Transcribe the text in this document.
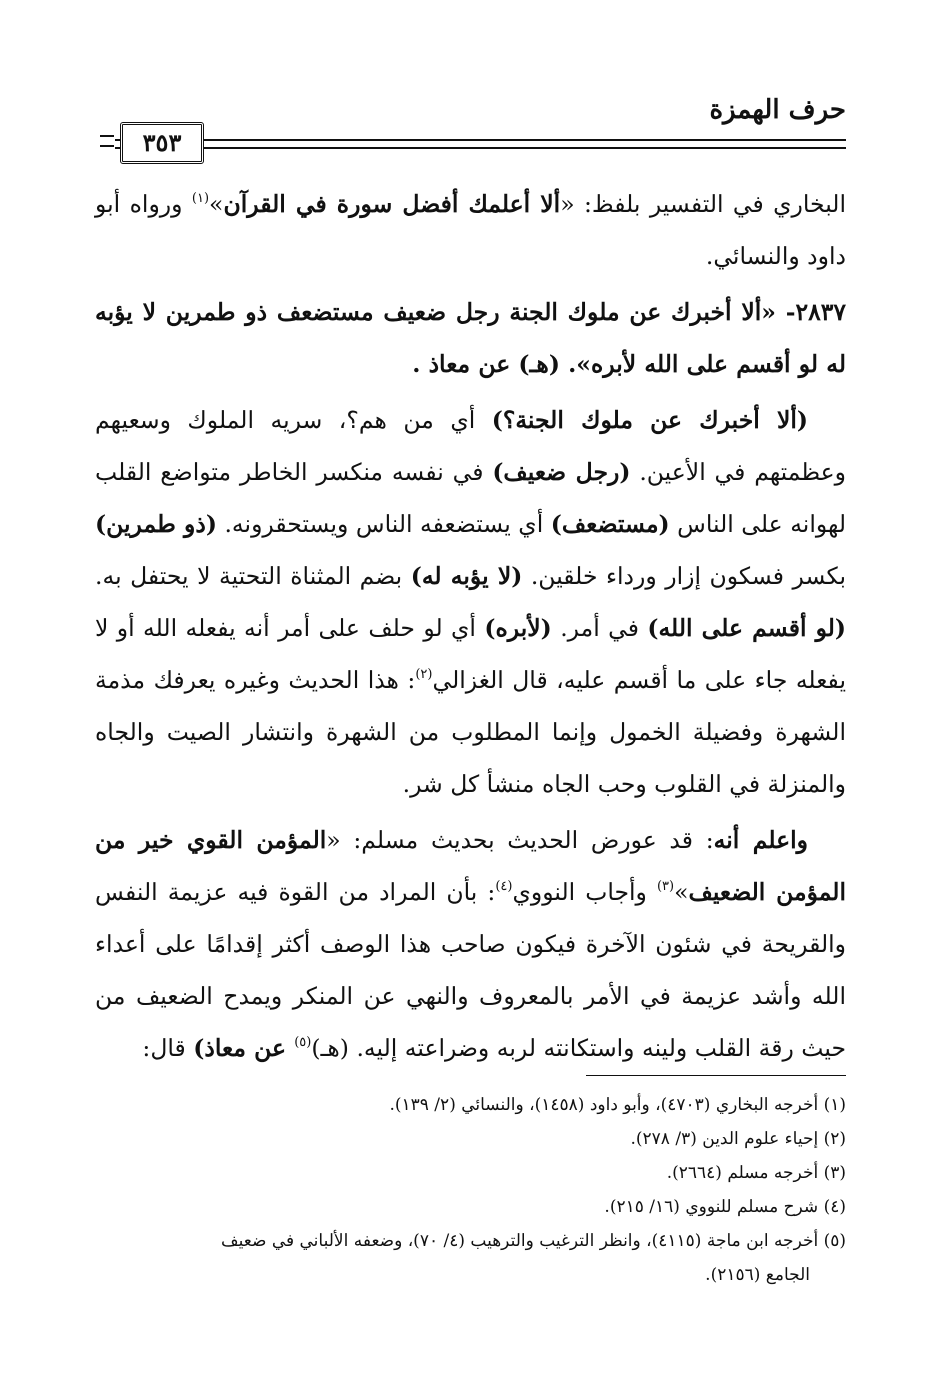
حرف الهمزة
٣٥٣

البخاري في التفسير بلفظ: «ألا أعلمك أفضل سورة في القرآن»$^{(١)}$ ورواه أبو داود والنسائي.

٢٨٣٧- «ألا أخبرك عن ملوك الجنة رجل ضعيف مستضعف ذو طمرين لا يؤبه له لو أقسم على الله لأبره». (هـ) عن معاذ .

(ألا أخبرك عن ملوك الجنة؟) أي من هم؟، سريه الملوك وسعيهم وعظمتهم في الأعين. (رجل ضعيف) في نفسه منكسر الخاطر متواضع القلب لهوانه على الناس (مستضعف) أي يستضعفه الناس ويستحقرونه. (ذو طمرين) بكسر فسكون إزار ورداء خلقين. (لا يؤبه له) بضم المثناة التحتية لا يحتفل به. (لو أقسم على الله) في أمر. (لأبره) أي لو حلف على أمر أنه يفعله الله أو لا يفعله جاء على ما أقسم عليه، قال الغزالي$^{(٢)}$: هذا الحديث وغيره يعرفك مذمة الشهرة وفضيلة الخمول وإنما المطلوب من الشهرة وانتشار الصيت والجاه والمنزلة في القلوب وحب الجاه منشأ كل شر.

واعلم أنه: قد عورض الحديث بحديث مسلم: «المؤمن القوي خير من المؤمن الضعيف»$^{(٣)}$ وأجاب النووي$^{(٤)}$: بأن المراد من القوة فيه عزيمة النفس والقريحة في شئون الآخرة فيكون صاحب هذا الوصف أكثر إقدامًا على أعداء الله وأشد عزيمة في الأمر بالمعروف والنهي عن المنكر ويمدح الضعيف من حيث رقة القلب ولينه واستكانته لربه وضراعته إليه. (هـ)$^{(٥)}$ عن معاذ) قال:

(١) أخرجه البخاري (٤٧٠٣)، وأبو داود (١٤٥٨)، والنسائي (٢/ ١٣٩).
(٢) إحياء علوم الدين (٣/ ٢٧٨).
(٣) أخرجه مسلم (٢٦٦٤).
(٤) شرح مسلم للنووي (١٦/ ٢١٥).
(٥) أخرجه ابن ماجة (٤١١٥)، وانظر الترغيب والترهيب (٤/ ٧٠)، وضعفه الألباني في ضعيف
الجامع (٢١٥٦).
